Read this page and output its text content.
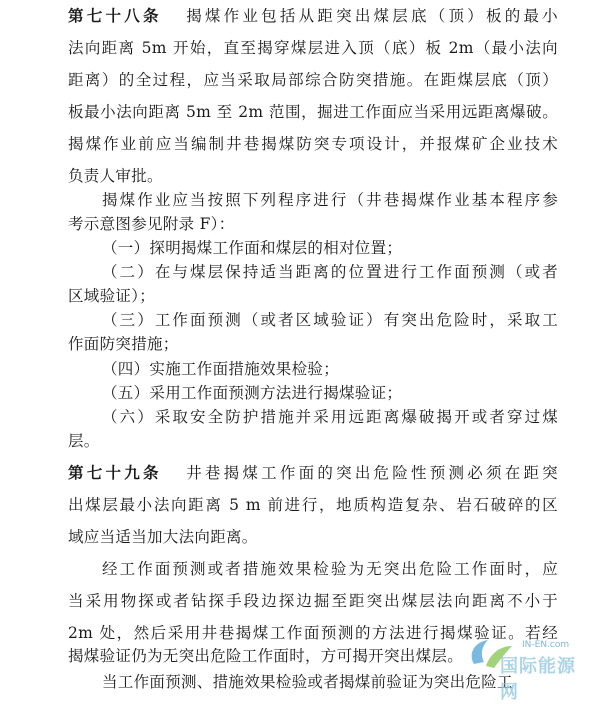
第七十八条 揭煤作业包括从距突出煤层底（顶）板的最小
法向距离 5m 开始，直至揭穿煤层进入顶（底）板 2m（最小法向
距离）的全过程，应当采取局部综合防突措施。在距煤层底（顶）
板最小法向距离 5m 至 2m 范围，掘进工作面应当采用远距离爆破。
揭煤作业前应当编制井巷揭煤防突专项设计，并报煤矿企业技术
负责人审批。
揭煤作业应当按照下列程序进行（井巷揭煤作业基本程序参
考示意图参见附录 F）：
（一）探明揭煤工作面和煤层的相对位置；
（二）在与煤层保持适当距离的位置进行工作面预测（或者
区域验证）；
（三）工作面预测（或者区域验证）有突出危险时，采取工
作面防突措施；
（四）实施工作面措施效果检验；
（五）采用工作面预测方法进行揭煤验证；
（六）采取安全防护措施并采用远距离爆破揭开或者穿过煤
层。
第七十九条 井巷揭煤工作面的突出危险性预测必须在距突
出煤层最小法向距离 5 m 前进行，地质构造复杂、岩石破碎的区
域应当适当加大法向距离。
经工作面预测或者措施效果检验为无突出危险工作面时，应
当采用物探或者钻探手段边探边掘至距突出煤层法向距离不小于
2m 处，然后采用井巷揭煤工作面预测的方法进行揭煤验证。若经
揭煤验证仍为无突出危险工作面时，方可揭开突出煤层。
当工作面预测、措施效果检验或者揭煤前验证为突出危险工
IN-EN.com
国际能源网
